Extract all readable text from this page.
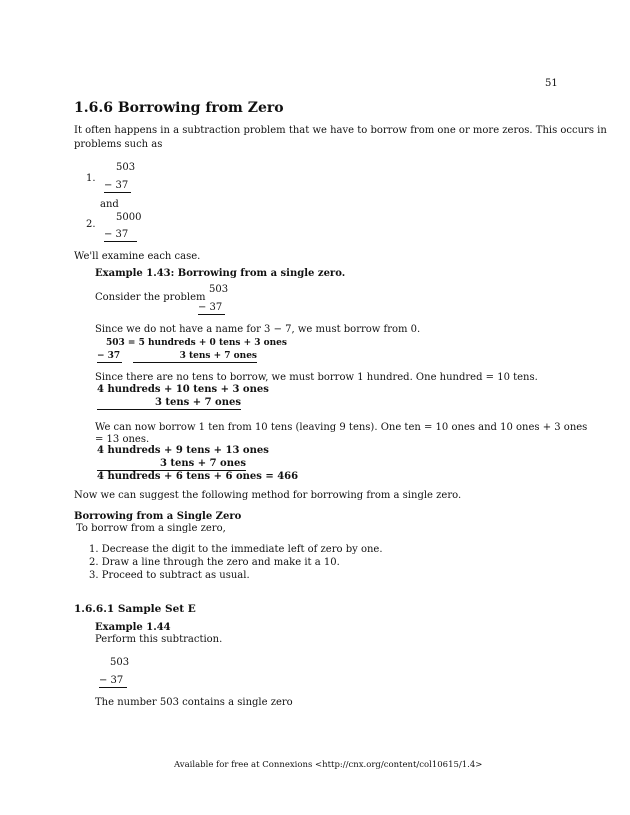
51
1.6.6 Borrowing from Zero
It often happens in a subtraction problem that we have to borrow from one or more zeros. This occurs in
problems such as
503
1.
− 37
and
5000
2.
− 37
We'll examine each case.
Example 1.43: Borrowing from a single zero.
503
Consider the problem
− 37
Since we do not have a name for 3 − 7, we must borrow from 0.
503 = 5 hundreds + 0 tens + 3 ones
− 37	3 tens + 7 ones
Since there are no tens to borrow, we must borrow 1 hundred. One hundred = 10 tens.
4 hundreds + 10 tens + 3 ones
3 tens + 7 ones
We can now borrow 1 ten from 10 tens (leaving 9 tens). One ten = 10 ones and 10 ones + 3 ones
= 13 ones.
4 hundreds + 9 tens + 13 ones
3 tens + 7 ones
4 hundreds + 6 tens + 6 ones = 466
Now we can suggest the following method for borrowing from a single zero.
Borrowing from a Single Zero
To borrow from a single zero,
1. Decrease the digit to the immediate left of zero by one.
2. Draw a line through the zero and make it a 10.
3. Proceed to subtract as usual.
1.6.6.1 Sample Set E
Example 1.44
Perform this subtraction.
503
− 37
The number 503 contains a single zero
Available for free at Connexions <http://cnx.org/content/col10615/1.4>
